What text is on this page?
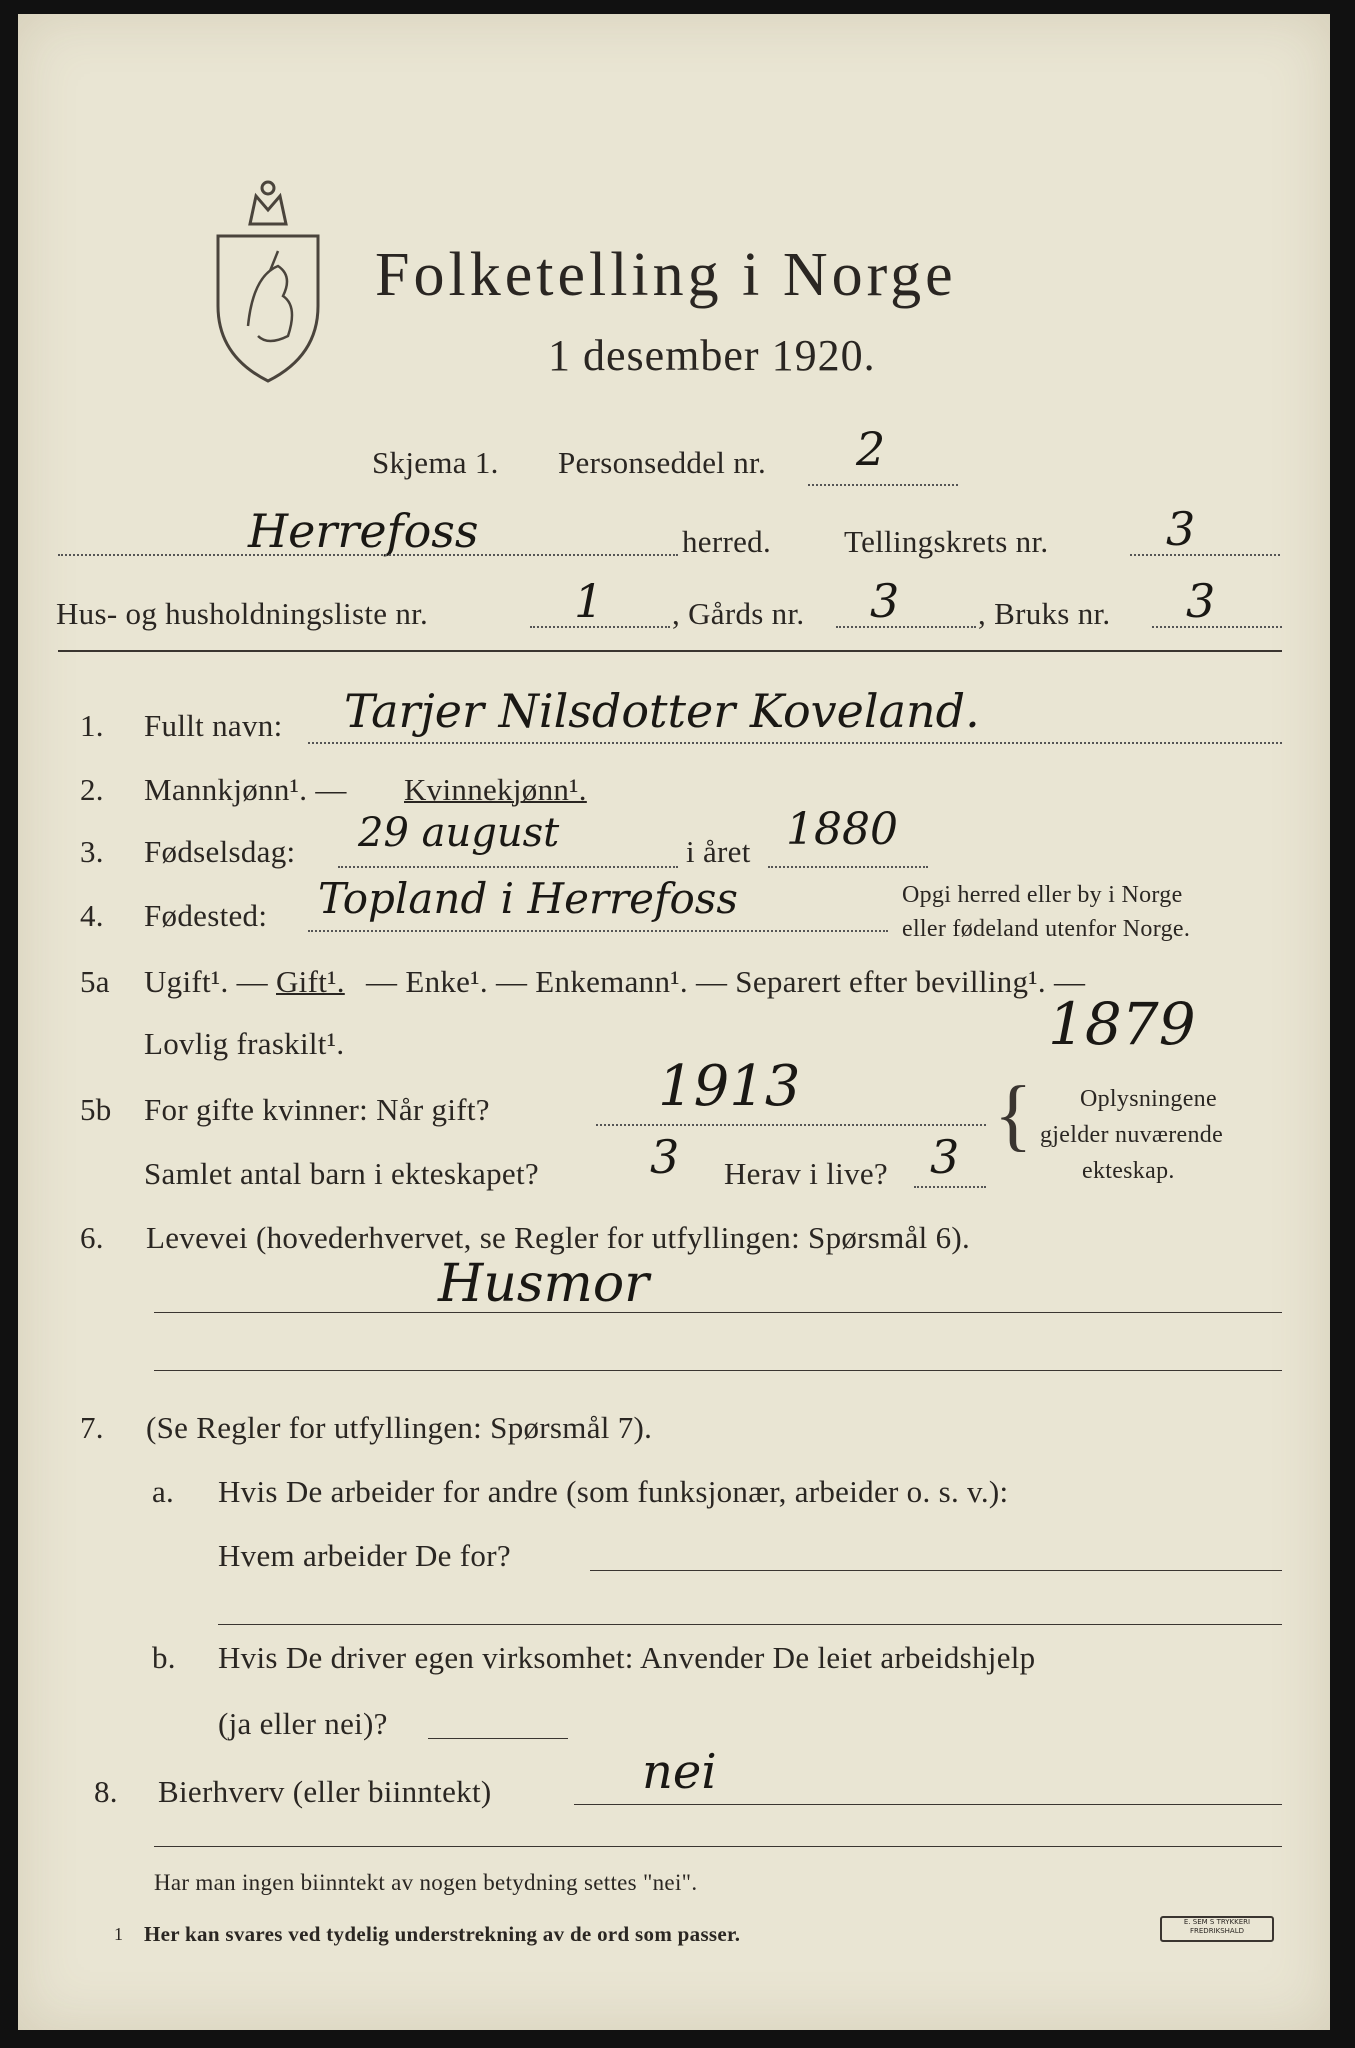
Folketelling i Norge
1 desember 1920.
Skjema 1. Personseddel nr. 2
Herrefoss	herred. Tellingskrets nr.	3
Hus- og husholdningsliste nr.	1 , Gårds nr. 3	, Bruks nr. 3
1. Fullt navn: Tarjer Nilsdotter Koveland.
2. Mannkjønn¹. — Kvinnekjønn¹.
3. Fødselsdag: 29 august	i året 1880
4. Fødested: Topland i Herrefoss	Opgi herred eller by i Norge
eller fødeland utenfor Norge.
5a Ugift¹. — Gift¹. — Enke¹. — Enkemann¹. — Separert efter bevilling¹. —
Lovlig fraskilt¹.	1879
5b For gifte kvinner: Når gift?	1913
Samlet antal barn i ekteskapet? 3 Herav i live? 3 { Oplysningene
gjelder nuværende
ekteskap.
6. Levevei (hovederhvervet, se Regler for utfyllingen: Spørsmål 6).
Husmor
7. (Se Regler for utfyllingen: Spørsmål 7).
a. Hvis De arbeider for andre (som funksjonær, arbeider o. s. v.):
Hvem arbeider De for?
b. Hvis De driver egen virksomhet: Anvender De leiet arbeidshjelp
(ja eller nei)?
8. Bierhverv (eller biinntekt)	nei
Har man ingen biinntekt av nogen betydning settes "nei".
1 Her kan svares ved tydelig understrekning av de ord som passer.	E. SEM S TRYKKERI FREDRIKSHALD
